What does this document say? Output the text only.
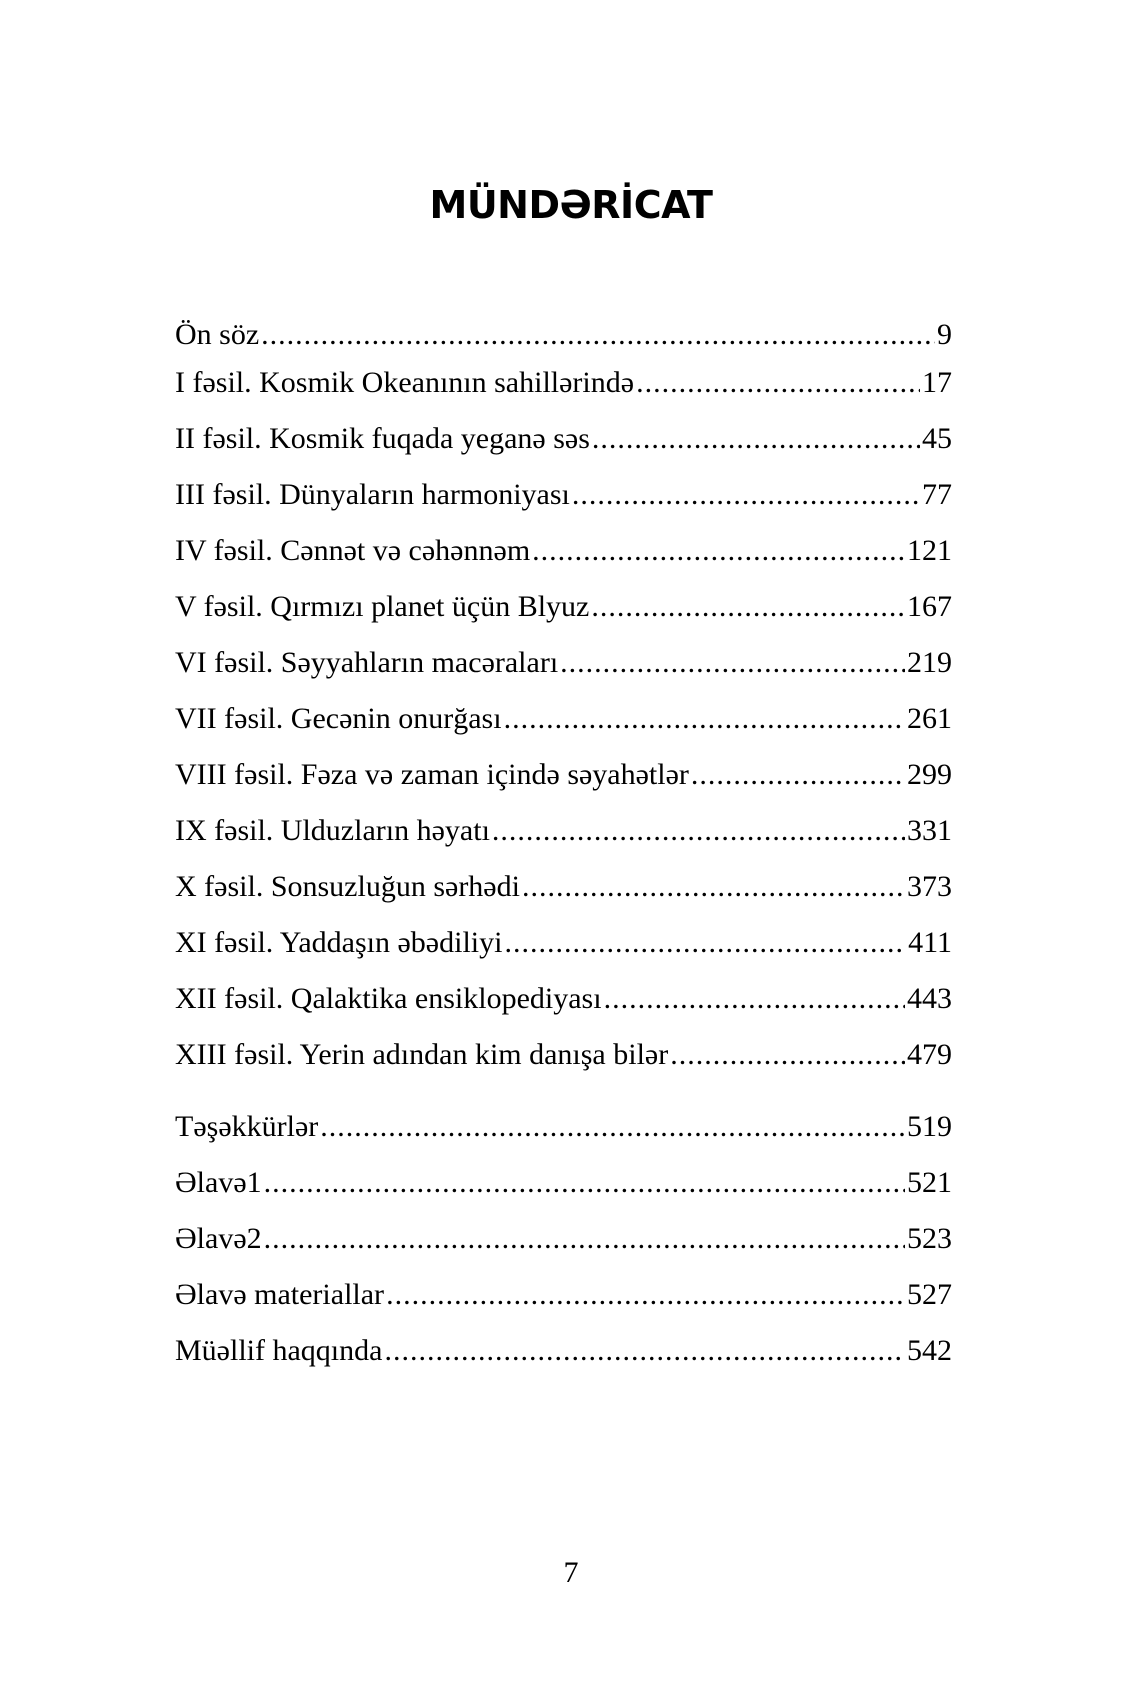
MÜNDƏRİCAT
Ön söz .....	9
I fəsil. Kosmik Okeanının sahillərində .....	17
II fəsil. Kosmik fuqada yeganə səs .....	45
III fəsil. Dünyaların harmoniyası .....	77
IV fəsil. Cənnət və cəhənnəm .....	121
V fəsil. Qırmızı planet üçün Blyuz .....	167
VI fəsil. Səyyahların macəraları .....	219
VII fəsil. Gecənin onurğası .....	261
VIII fəsil. Fəza və zaman içində səyahətlər .....	299
IX fəsil. Ulduzların həyatı .....	331
X fəsil. Sonsuzluğun sərhədi .....	373
XI fəsil. Yaddaşın əbədiliyi .....	411
XII fəsil. Qalaktika ensiklopediyası .....	443
XIII fəsil. Yerin adından kim danışa bilər .....	479
Təşəkkürlər .....	519
Əlavə1 .....	521
Əlavə2 .....	523
Əlavə materiallar .....	527
Müəllif haqqında .....	542
7
